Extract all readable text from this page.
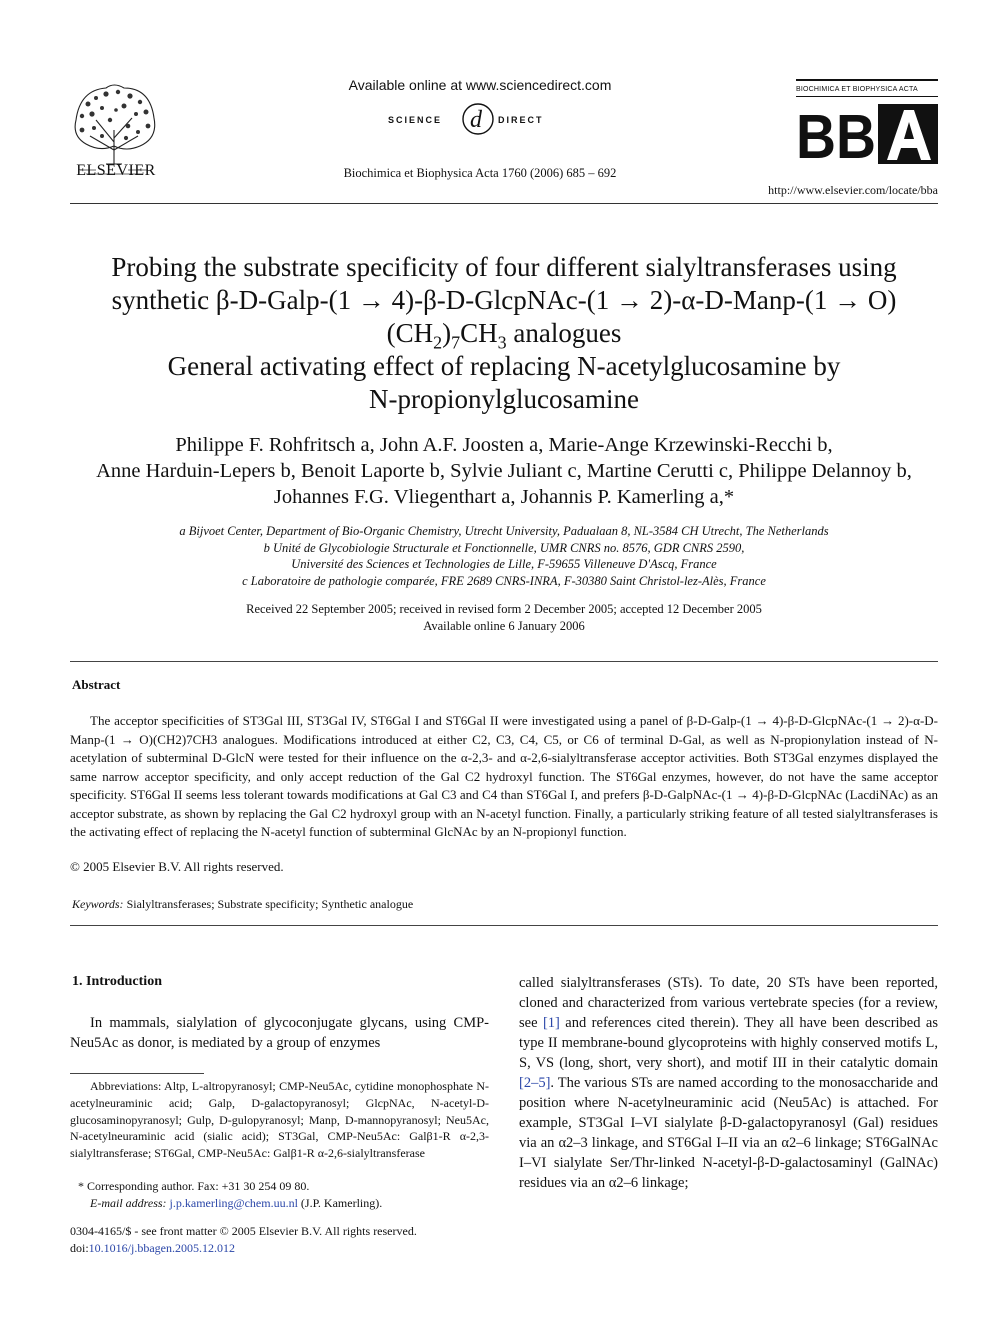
ELSEVIER
Available online at www.sciencedirect.com
SCIENCE d DIRECT
Biochimica et Biophysica Acta 1760 (2006) 685 – 692
BIOCHIMICA ET BIOPHYSICA ACTA
BB
http://www.elsevier.com/locate/bba
Probing the substrate specificity of four different sialyltransferases using
synthetic β-D-Galp-(1 → 4)-β-D-GlcpNAc-(1 → 2)-α-D-Manp-(1 → O)
$(CH_2)_7CH_3$ analogues
General activating effect of replacing N-acetylglucosamine by
N-propionylglucosamine
Philippe F. Rohfritsch a, John A.F. Joosten a, Marie-Ange Krzewinski-Recchi b,
Anne Harduin-Lepers b, Benoit Laporte b, Sylvie Juliant c, Martine Cerutti c, Philippe Delannoy b,
Johannes F.G. Vliegenthart a, Johannis P. Kamerling a,*
a Bijvoet Center, Department of Bio-Organic Chemistry, Utrecht University, Padualaan 8, NL-3584 CH Utrecht, The Netherlands
b Unité de Glycobiologie Structurale et Fonctionnelle, UMR CNRS no. 8576, GDR CNRS 2590,
Université des Sciences et Technologies de Lille, F-59655 Villeneuve D'Ascq, France
c Laboratoire de pathologie comparée, FRE 2689 CNRS-INRA, F-30380 Saint Christol-lez-Alès, France
Received 22 September 2005; received in revised form 2 December 2005; accepted 12 December 2005
Available online 6 January 2006
Abstract
The acceptor specificities of ST3Gal III, ST3Gal IV, ST6Gal I and ST6Gal II were investigated using a panel of β-D-Galp-(1 → 4)-β-D-GlcpNAc-(1 → 2)-α-D-Manp-(1 → O)(CH2)7CH3 analogues. Modifications introduced at either C2, C3, C4, C5, or C6 of terminal D-Gal, as well as N-propionylation instead of N-acetylation of subterminal D-GlcN were tested for their influence on the α-2,3- and α-2,6-sialyltransferase acceptor activities. Both ST3Gal enzymes displayed the same narrow acceptor specificity, and only accept reduction of the Gal C2 hydroxyl function. The ST6Gal enzymes, however, do not have the same acceptor specificity. ST6Gal II seems less tolerant towards modifications at Gal C3 and C4 than ST6Gal I, and prefers β-D-GalpNAc-(1 → 4)-β-D-GlcpNAc (LacdiNAc) as an acceptor substrate, as shown by replacing the Gal C2 hydroxyl group with an N-acetyl function. Finally, a particularly striking feature of all tested sialyltransferases is the activating effect of replacing the N-acetyl function of subterminal GlcNAc by an N-propionyl function.
© 2005 Elsevier B.V. All rights reserved.
Keywords: Sialyltransferases; Substrate specificity; Synthetic analogue
1. Introduction
In mammals, sialylation of glycoconjugate glycans, using CMP-Neu5Ac as donor, is mediated by a group of enzymes
Abbreviations: Altp, L-altropyranosyl; CMP-Neu5Ac, cytidine monophosphate N-acetylneuraminic acid; Galp, D-galactopyranosyl; GlcpNAc, N-acetyl-D-glucosaminopyranosyl; Gulp, D-gulopyranosyl; Manp, D-mannopyranosyl; Neu5Ac, N-acetylneuraminic acid (sialic acid); ST3Gal, CMP-Neu5Ac: Galβ1-R α-2,3-sialyltransferase; ST6Gal, CMP-Neu5Ac: Galβ1-R α-2,6-sialyltransferase
* Corresponding author. Fax: +31 30 254 09 80.
E-mail address: j.p.kamerling@chem.uu.nl (J.P. Kamerling).
0304-4165/$ - see front matter © 2005 Elsevier B.V. All rights reserved.
doi:10.1016/j.bbagen.2005.12.012
called sialyltransferases (STs). To date, 20 STs have been reported, cloned and characterized from various vertebrate species (for a review, see [1] and references cited therein). They all have been described as type II membrane-bound glycoproteins with highly conserved motifs L, S, VS (long, short, very short), and motif III in their catalytic domain [2–5]. The various STs are named according to the monosaccharide and position where N-acetylneuraminic acid (Neu5Ac) is attached. For example, ST3Gal I–VI sialylate β-D-galactopyranosyl (Gal) residues via an α2–3 linkage, and ST6Gal I–II via an α2–6 linkage; ST6GalNAc I–VI sialylate Ser/Thr-linked N-acetyl-β-D-galactosaminyl (GalNAc) residues via an α2–6 linkage;
